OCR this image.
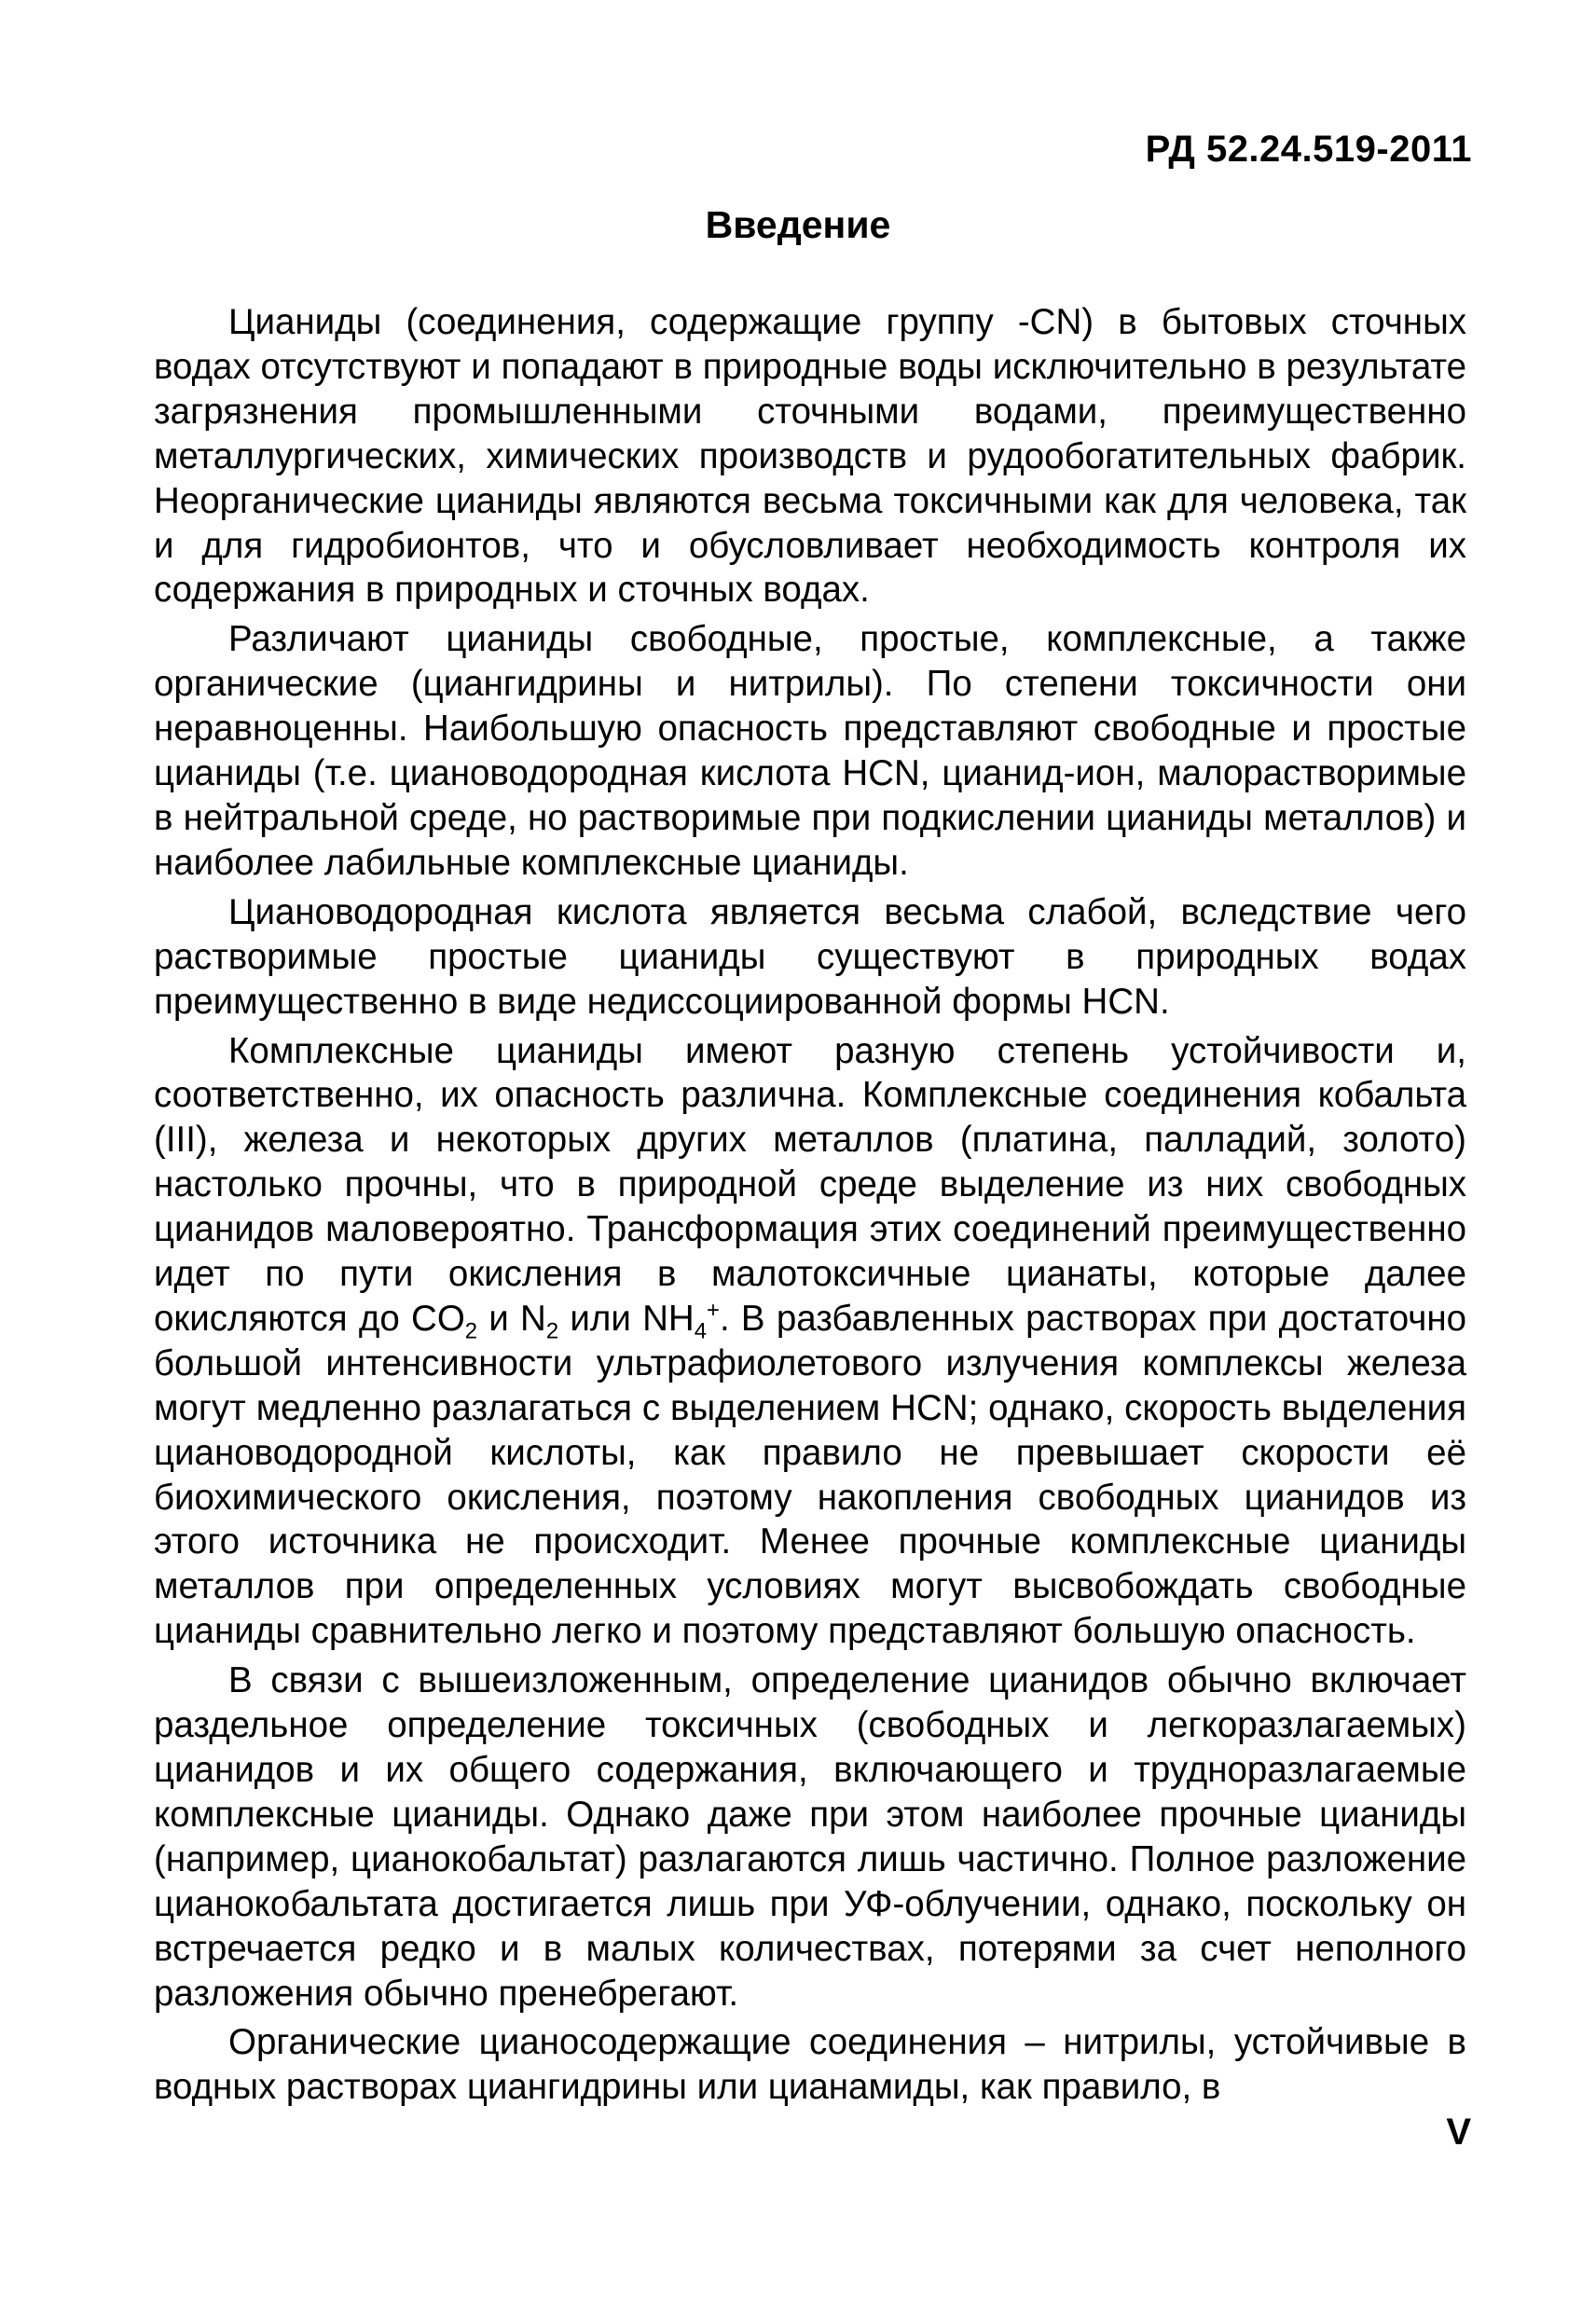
РД 52.24.519-2011
Введение

Цианиды (соединения, содержащие группу -CN) в бытовых сточных водах отсутствуют и попадают в природные воды исключительно в результате загрязнения промышленными сточными водами, преимущественно металлургических, химических производств и рудообогатительных фабрик. Неорганические цианиды являются весьма токсичными как для человека, так и для гидробионтов, что и обусловливает необходимость контроля их содержания в природных и сточных водах.

Различают цианиды свободные, простые, комплексные, а также органические (циангидрины и нитрилы). По степени токсичности они неравноценны. Наибольшую опасность представляют свободные и простые цианиды (т.е. циановодородная кислота HCN, цианид-ион, малорастворимые в нейтральной среде, но растворимые при подкислении цианиды металлов) и наиболее лабильные комплексные цианиды.

Циановодородная кислота является весьма слабой, вследствие чего растворимые простые цианиды существуют в природных водах преимущественно в виде недиссоциированной формы HCN.

Комплексные цианиды имеют разную степень устойчивости и, соответственно, их опасность различна. Комплексные соединения кобальта (III), железа и некоторых других металлов (платина, палладий, золото) настолько прочны, что в природной среде выделение из них свободных цианидов маловероятно. Трансформация этих соединений преимущественно идет по пути окисления в малотоксичные цианаты, которые далее окисляются до $CO_2$ и $N_2$ или $NH_4^+$. В разбавленных растворах при достаточно большой интенсивности ультрафиолетового излучения комплексы железа могут медленно разлагаться с выделением HCN; однако, скорость выделения циановодородной кислоты, как правило не превышает скорости её биохимического окисления, поэтому накопления свободных цианидов из этого источника не происходит. Менее прочные комплексные цианиды металлов при определенных условиях могут высвобождать свободные цианиды сравнительно легко и поэтому представляют большую опасность.

В связи с вышеизложенным, определение цианидов обычно включает раздельное определение токсичных (свободных и легкоразлагаемых) цианидов и их общего содержания, включающего и трудноразлагаемые комплексные цианиды. Однако даже при этом наиболее прочные цианиды (например, цианокобальтат) разлагаются лишь частично. Полное разложение цианокобальтата достигается лишь при УФ-облучении, однако, поскольку он встречается редко и в малых количествах, потерями за счет неполного разложения обычно пренебрегают.

Органические цианосодержащие соединения – нитрилы, устойчивые в водных растворах циангидрины или цианамиды, как правило, в

V
